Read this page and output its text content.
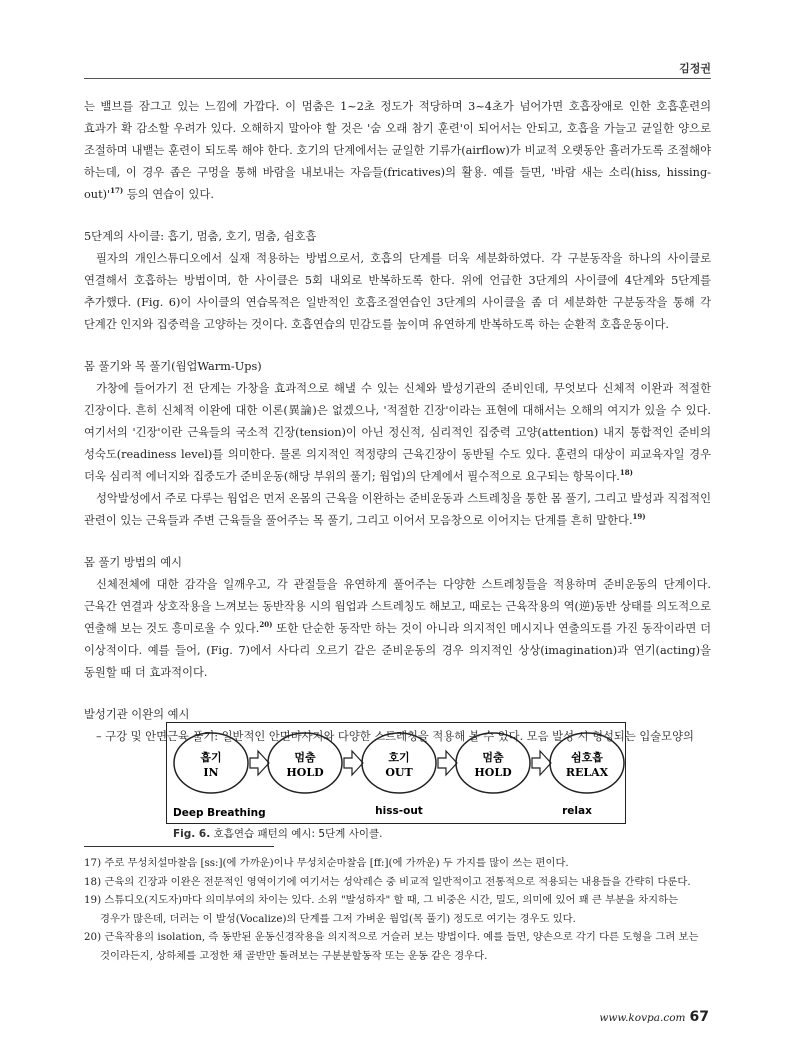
김정권

는 밸브를 잠그고 있는 느낌에 가깝다. 이 멈춤은 1~2초 정도가 적당하며 3~4초가 넘어가면 호흡장애로 인한 호흡훈련의 효과가 확 감소할 우려가 있다. 오해하지 말아야 할 것은 '숨 오래 참기 훈련'이 되어서는 안되고, 호흡을 가늘고 균일한 양으로 조절하며 내뱉는 훈련이 되도록 해야 한다. 호기의 단계에서는 균일한 기류가(airflow)가 비교적 오랫동안 흘러가도록 조절해야 하는데, 이 경우 좁은 구멍을 통해 바람을 내보내는 자음들(fricatives)의 활용. 예를 들면, '바람 새는 소리(hiss, hissing-$out)'^{17)}$ 등의 연습이 있다.

5단계의 사이클: 흡기, 멈춤, 호기, 멈춤, 쉼호흡

필자의 개인스튜디오에서 실재 적용하는 방법으로서, 호흡의 단계를 더욱 세분화하였다. 각 구분동작을 하나의 사이클로 연결해서 호흡하는 방법이며, 한 사이클은 5회 내외로 반복하도록 한다. 위에 언급한 3단계의 사이클에 4단계와 5단계를 추가했다. (Fig. 6)이 사이클의 연습목적은 일반적인 호흡조절연습인 3단계의 사이클을 좀 더 세분화한 구분동작을 통해 각 단계간 인지와 집중력을 고양하는 것이다. 호흡연습의 민감도를 높이며 유연하게 반복하도록 하는 순환적 호흡운동이다.

몸 풀기와 목 풀기(웜업Warm-Ups)

가창에 들어가기 전 단계는 가창을 효과적으로 해낼 수 있는 신체와 발성기관의 준비인데, 무엇보다 신체적 이완과 적절한 긴장이다. 흔히 신체적 이완에 대한 이론(異論)은 없겠으나, '적절한 긴장'이라는 표현에 대해서는 오해의 여지가 있을 수 있다. 여기서의 '긴장'이란 근육들의 국소적 긴장(tension)이 아닌 정신적, 심리적인 집중력 고양(attention) 내지 통합적인 준비의 성숙도(readiness level)를 의미한다. 물론 의지적인 적정량의 근육긴장이 동반될 수도 있다. 훈련의 대상이 피교육자일 경우 더욱 심리적 에너지와 집중도가 준비운동(해당 부위의 풀기; 웜업)의 단계에서 필수적으로 요구되는 항목이다.$^{18)}$

성악발성에서 주로 다루는 웜업은 먼저 온몸의 근육을 이완하는 준비운동과 스트레칭을 통한 몸 풀기, 그리고 발성과 직접적인 관련이 있는 근육들과 주변 근육들을 풀어주는 목 풀기, 그리고 이어서 모음창으로 이어지는 단계를 흔히 말한다.$^{19)}$

몸 풀기 방법의 예시

신체전체에 대한 감각을 일깨우고, 각 관절들을 유연하게 풀어주는 다양한 스트레칭들을 적용하며 준비운동의 단계이다. 근육간 연결과 상호작용을 느껴보는 동반작용 시의 웜업과 스트레칭도 해보고, 때로는 근육작용의 역(逆)동반 상태를 의도적으로 연출해 보는 것도 흥미로울 수 있다.$^{20)}$ 또한 단순한 동작만 하는 것이 아니라 의지적인 메시지나 연출의도를 가진 동작이라면 더 이상적이다. 예를 들어, (Fig. 7)에서 사다리 오르기 같은 준비운동의 경우 의지적인 상상(imagination)과 연기(acting)을 동원할 때 더 효과적이다.

발성기관 이완의 예시

– 구강 및 안면근육 풀기: 일반적인 안면마사지와 다양한 스트레칭을 적용해 볼 수 있다. 모음 발성 시 형성되는 입술모양의

흡기
IN
멈춤
HOLD
호기
OUT
멈춤
HOLD
쉼호흡
RELAX
Deep Breathing	hiss-out	relax
Fig. 6. 호흡연습 패턴의 예시: 5단계 사이클.

17) 주로 무성치설마찰음 [ss:](에 가까운)이나 무성치순마찰음 [ff:](에 가까운) 두 가지를 많이 쓰는 편이다.

18) 근육의 긴장과 이완은 전문적인 영역이기에 여기서는 성악레슨 중 비교적 일반적이고 전통적으로 적용되는 내용들을 간략히 다룬다.

19) 스튜디오(지도자)마다 의미부여의 차이는 있다. 소위 "발성하자" 할 때, 그 비중은 시간, 밀도, 의미에 있어 꽤 큰 부분을 차지하는 경우가 많은데, 더러는 이 발성(Vocalize)의 단계를 그저 가벼운 웜업(목 풀기) 정도로 여기는 경우도 있다.

20) 근육작용의 isolation, 즉 동반된 운동신경작용을 의지적으로 거슬러 보는 방법이다. 예를 들면, 양손으로 각기 다른 도형을 그려 보는 것이라든지, 상하체를 고정한 채 골반만 돌려보는 구분분할동작 또는 운동 같은 경우다.

www.kovpa.com 67
